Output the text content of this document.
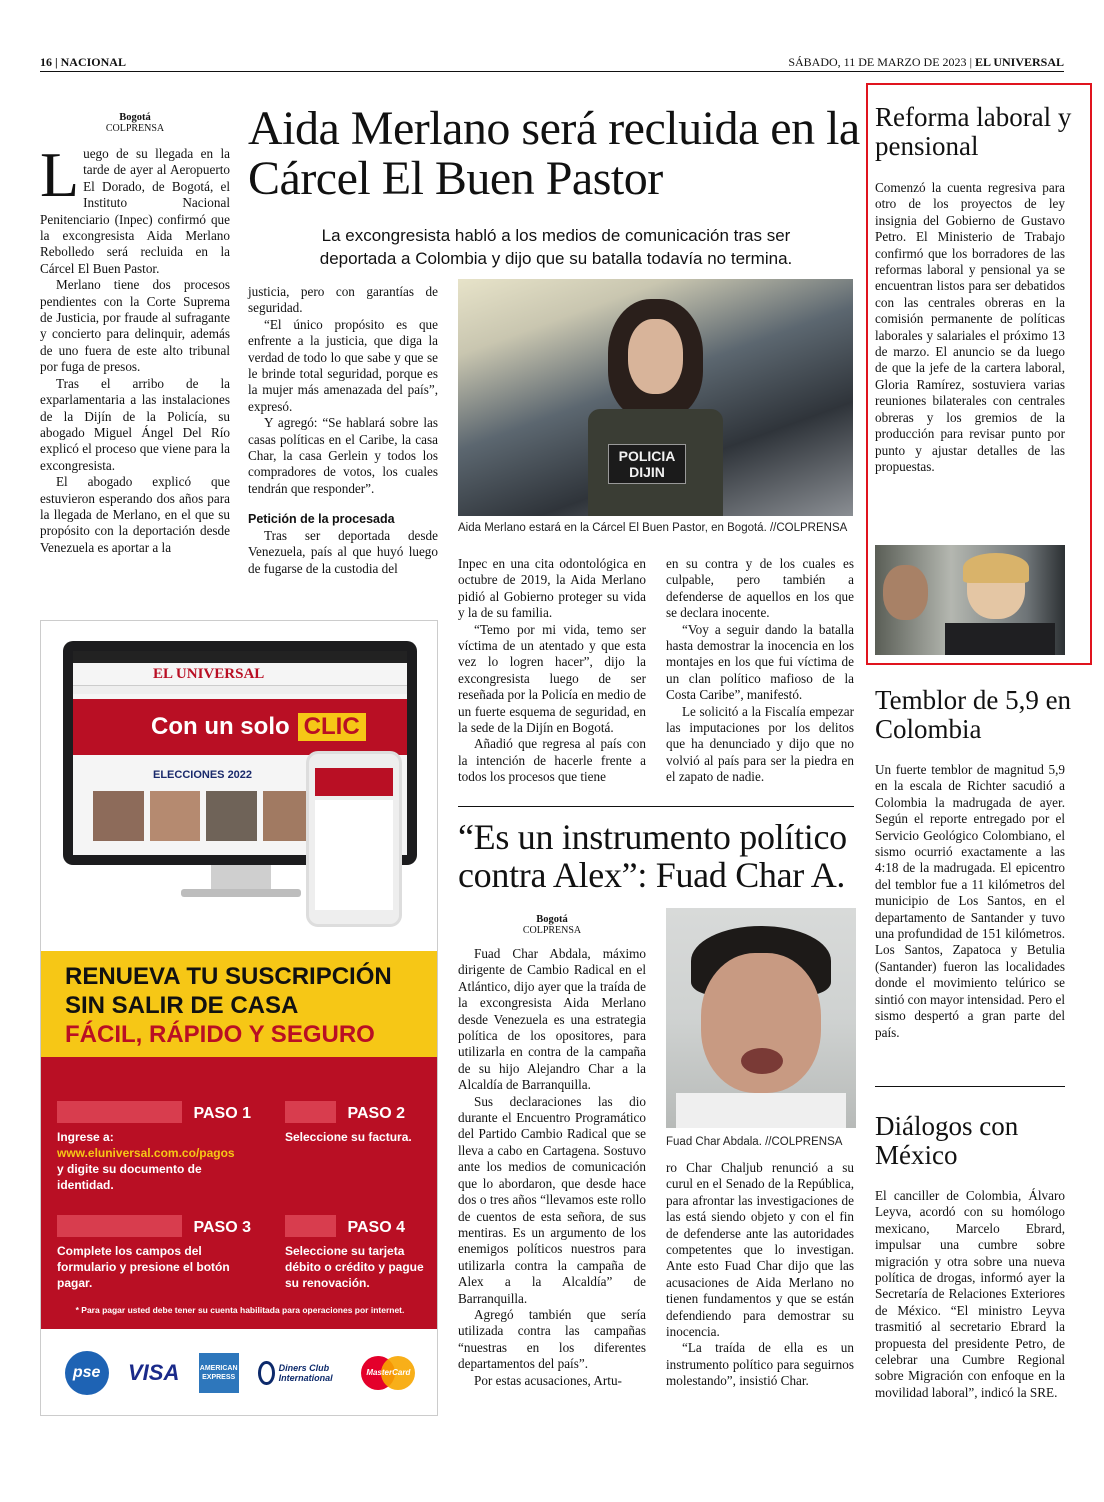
16 | NACIONAL	SÁBADO, 11 DE MARZO DE 2023 | EL UNIVERSAL
Bogotá
COLPRENSA	Aida Merlano será recluida en la Cárcel El Buen Pastor
La excongresista habló a los medios de comunicación tras ser deportada a Colombia y dijo que su batalla todavía no termina.
L uego de su llegada en la tarde de ayer al Aeropuerto El Dorado, de Bogotá, el Instituto Nacional Penitenciario (Inpec) confirmó que la excongresista Aida Merlano Rebolledo será recluida en la Cárcel El Buen Pastor.

Merlano tiene dos procesos pendientes con la Corte Suprema de Justicia, por fraude al sufragante y concierto para delinquir, además de uno fuera de este alto tribunal por fuga de presos.

Tras el arribo de la exparlamentaria a las instalaciones de la Dijín de la Policía, su abogado Miguel Ángel Del Río explicó el proceso que viene para la excongresista.

El abogado explicó que estuvieron esperando dos años para la llegada de Merlano, en el que su propósito con la deportación desde Venezuela es aportar a la

justicia, pero con garantías de seguridad.

“El único propósito es que enfrente a la justicia, que diga la verdad de todo lo que sabe y que se le brinde total seguridad, porque es la mujer más amenazada del país”, expresó.

Y agregó: “Se hablará sobre las casas políticas en el Caribe, la casa Char, la casa Gerlein y todos los compradores de votos, los cuales tendrán que responder”.

Petición de la procesada

Tras ser deportada desde Venezuela, país al que huyó luego de fugarse de la custodia del

POLICIA DIJIN
Aida Merlano estará en la Cárcel El Buen Pastor, en Bogotá. //COLPRENSA

Inpec en una cita odontológica en octubre de 2019, la Aida Merlano pidió al Gobierno proteger su vida y la de su familia.

“Temo por mi vida, temo ser víctima de un atentado y que esta vez lo logren hacer”, dijo la excongresista luego de ser reseñada por la Policía en medio de un fuerte esquema de seguridad, en la sede de la Dijín en Bogotá.

Añadió que regresa al país con la intención de hacerle frente a todos los procesos que tiene

en su contra y de los cuales es culpable, pero también a defenderse de aquellos en los que se declara inocente.

“Voy a seguir dando la batalla hasta demostrar la inocencia en los montajes en los que fui víctima de un clan político mafioso de la Costa Caribe”, manifestó.

Le solicitó a la Fiscalía empezar las imputaciones por los delitos que ha denunciado y dijo que no volvió al país para ser la piedra en el zapato de nadie.

“Es un instrumento político contra Alex”: Fuad Char A.
Bogotá
COLPRENSA

Fuad Char Abdala, máximo dirigente de Cambio Radical en el Atlántico, dijo ayer que la traída de la excongresista Aida Merlano desde Venezuela es una estrategia política de los opositores, para utilizarla en contra de la campaña de su hijo Alejandro Char a la Alcaldía de Barranquilla.

Sus declaraciones las dio durante el Encuentro Programático del Partido Cambio Radical que se lleva a cabo en Cartagena. Sostuvo ante los medios de comunicación que lo abordaron, que desde hace dos o tres años “llevamos este rollo de cuentos de esta señora, de sus mentiras. Es un argumento de los enemigos políticos nuestros para utilizarla contra la campaña de Alex a la Alcaldía” de Barranquilla.

Agregó también que sería utilizada contra las campañas “nuestras en los diferentes departamentos del país”.

Por estas acusaciones, Artu-

Fuad Char Abdala. //COLPRENSA

ro Char Chaljub renunció a su curul en el Senado de la República, para afrontar las investigaciones de las está siendo objeto y con el fin de defenderse ante las autoridades competentes que lo investigan. Ante esto Fuad Char dijo que las acusaciones de Aida Merlano no tienen fundamentos y que se están defendiendo para demostrar su inocencia.

“La traída de ella es un instrumento político para seguirnos molestando”, insistió Char.

Reforma laboral y pensional

Comenzó la cuenta regresiva para otro de los proyectos de ley insignia del Gobierno de Gustavo Petro. El Ministerio de Trabajo confirmó que los borradores de las reformas laboral y pensional ya se encuentran listos para ser debatidos con las centrales obreras en la comisión permanente de políticas laborales y salariales el próximo 13 de marzo. El anuncio se da luego de que la jefe de la cartera laboral, Gloria Ramírez, sostuviera varias reuniones bilaterales con centrales obreras y los gremios de la producción para revisar punto por punto y ajustar detalles de las propuestas.

Temblor de 5,9 en Colombia

Un fuerte temblor de magnitud 5,9 en la escala de Richter sacudió a Colombia la madrugada de ayer. Según el reporte entregado por el Servicio Geológico Colombiano, el sismo ocurrió exactamente a las 4:18 de la madrugada. El epicentro del temblor fue a 11 kilómetros del municipio de Los Santos, en el departamento de Santander y tuvo una profundidad de 151 kilómetros. Los Santos, Zapatoca y Betulia (Santander) fueron las localidades donde el movimiento telúrico se sintió con mayor intensidad. Pero el sismo despertó a gran parte del país.

Diálogos con México

El canciller de Colombia, Álvaro Leyva, acordó con su homólogo mexicano, Marcelo Ebrard, impulsar una cumbre sobre migración y otra sobre una nueva política de drogas, informó ayer la Secretaría de Relaciones Exteriores de México. “El ministro Leyva trasmitió al secretario Ebrard la propuesta del presidente Petro, de celebrar una Cumbre Regional sobre Migración con enfoque en la movilidad laboral”, indicó la SRE.

EL UNIVERSAL
Con un solo CLIC
ELECCIONES 2022
RENUEVA TU SUSCRIPCIÓN
SIN SALIR DE CASA
FÁCIL, RÁPIDO Y SEGURO
PASO 1
Ingrese a:
www.eluniversal.com.co/pagos
y digite su documento de identidad.
PASO 2
Seleccione su factura.
PASO 3
Complete los campos del formulario y presione el botón pagar.
PASO 4
Seleccione su tarjeta débito o crédito y pague su renovación.
* Para pagar usted debe tener su cuenta habilitada para operaciones por internet.
pse	VISA	AMERICAN EXPRESS
Diners Club International
MasterCard
